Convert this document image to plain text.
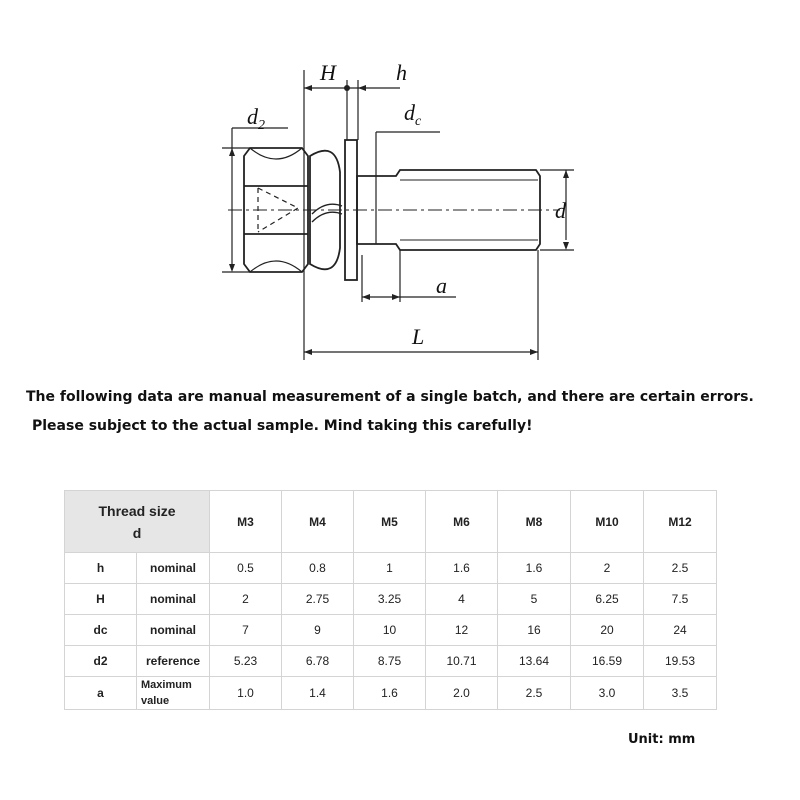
H	h
$d_2$
$d_c$
d
a
L
The following data are manual measurement of a single batch, and there are certain errors.
Please subject to the actual sample. Mind taking this carefully!
Thread size
d		M3	M4	M5	M6	M8	M10	M12
h	nominal	0.5	0.8	1	1.6	1.6	2	2.5
H	nominal	2	2.75	3.25	4	5	6.25	7.5
dc	nominal	7	9	10	12	16	20	24
d2	reference	5.23	6.78	8.75	10.71	13.64	16.59	19.53
a	Maximum value	1.0	1.4	1.6	2.0	2.5	3.0	3.5
Unit: mm
